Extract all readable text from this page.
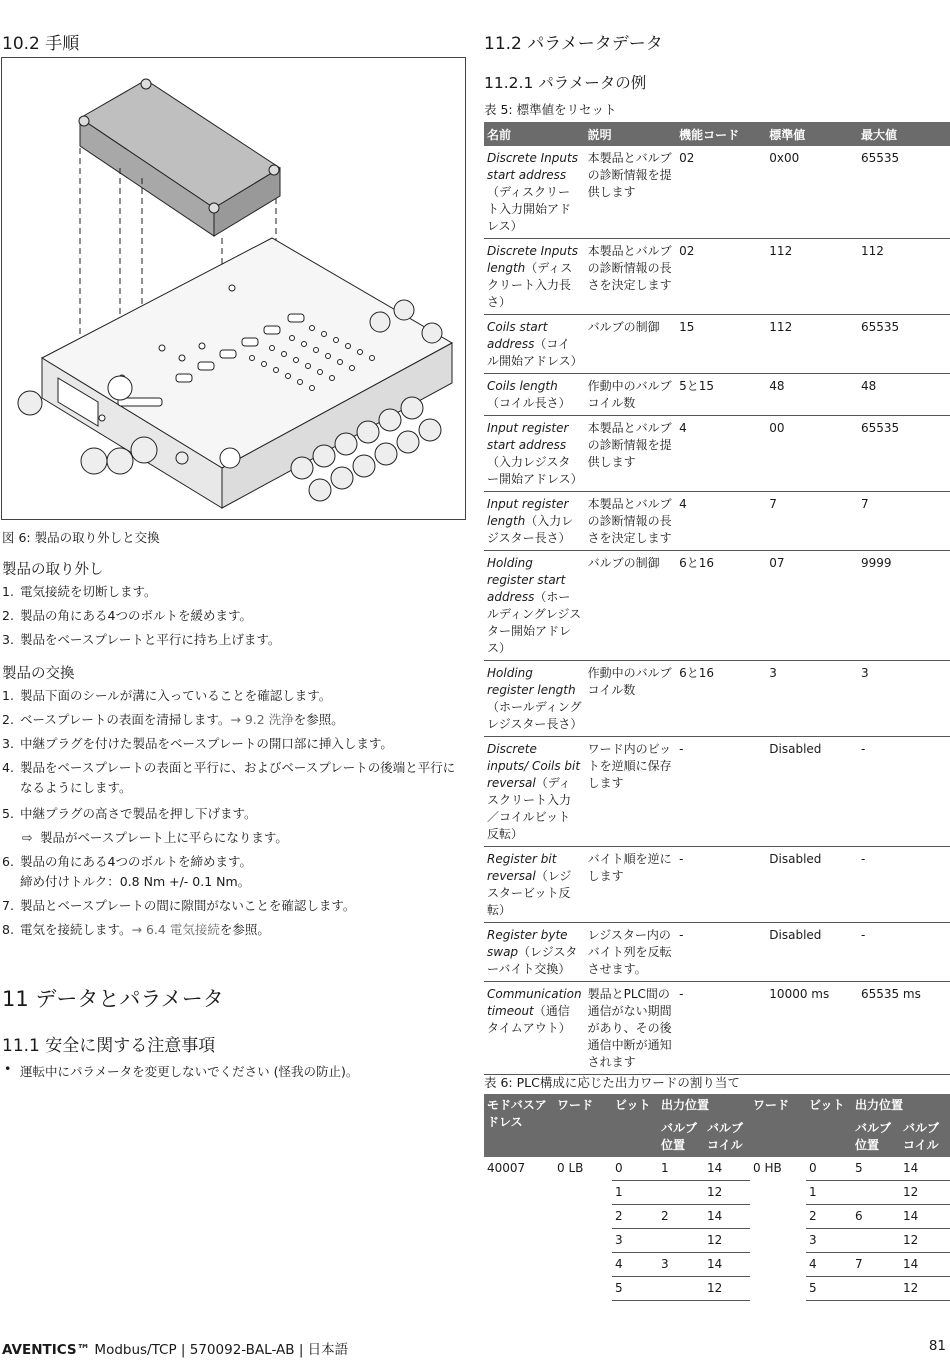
10.2 手順
図 6: 製品の取り外しと交換
製品の取り外し
1. 電気接続を切断します。
2. 製品の角にある4つのボルトを緩めます。
3. 製品をベースプレートと平行に持ち上げます。
製品の交換
1. 製品下面のシールが溝に入っていることを確認します。
2. ベースプレートの表面を清掃します。→ 9.2 洗浄を参照。
3. 中継プラグを付けた製品をベースプレートの開口部に挿入します。
4. 製品をベースプレートの表面と平行に、およびベースプレートの後端と平行になるようにします。
5. 中継プラグの高さで製品を押し下げます。
⇨ 製品がベースプレート上に平らになります。
6. 製品の角にある4つのボルトを締めます。
締め付けトルク：0.8 Nm +/- 0.1 Nm。
7. 製品とベースプレートの間に隙間がないことを確認します。
8. 電気を接続します。→ 6.4 電気接続を参照。
11 データとパラメータ
11.1 安全に関する注意事項
• 運転中にパラメータを変更しないでください (怪我の防止)。
11.2 パラメータデータ
11.2.1 パラメータの例
表 5: 標準値をリセット
名前	説明	機能コード	標準値	最大値
Discrete Inputs start address（ディスクリート入力開始アドレス）	本製品とバルブの診断情報を提供します	02	0x00	65535
Discrete Inputs length（ディスクリート入力長さ）	本製品とバルブの診断情報の長さを決定します	02	112	112
Coils start address（コイル開始アドレス）	バルブの制御	15	112	65535
Coils length（コイル長さ）	作動中のバルブコイル数	5と15	48	48
Input register start address（入力レジスター開始アドレス）	本製品とバルブの診断情報を提供します	4	00	65535
Input register length（入力レジスター長さ）	本製品とバルブの診断情報の長さを決定します	4	7	7
Holding register start address（ホールディングレジスター開始アドレス）	バルブの制御	6と16	07	9999
Holding register length（ホールディングレジスター長さ）	作動中のバルブコイル数	6と16	3	3
Discrete inputs/ Coils bit reversal（ディスクリート入力／コイルビット反転）	ワード内のビットを逆順に保存します	-	Disabled	-
Register bit reversal（レジスタービット反転）	バイト順を逆にします	-	Disabled	-
Register byte swap（レジスターバイト交換）	レジスター内のバイト列を反転させます。	-	Disabled	-
Communication timeout（通信タイムアウト）	製品とPLC間の通信がない期間があり、その後通信中断が通知されます	-	10000 ms	65535 ms
表 6: PLC構成に応じた出力ワードの割り当て
モドバスアドレス	ワード	ビット	出力位置		ワード	ビット	出力位置	
			バルブ位置	バルブコイル			バルブ位置	バルブコイル
40007	0 LB	0	1	14	0 HB	0	5	14
		1		12		1		12
		2	2	14		2	6	14
		3		12		3		12
		4	3	14		4	7	14
		5		12		5		12
AVENTICS™ Modbus/TCP | 570092-BAL-AB | 日本語	81
